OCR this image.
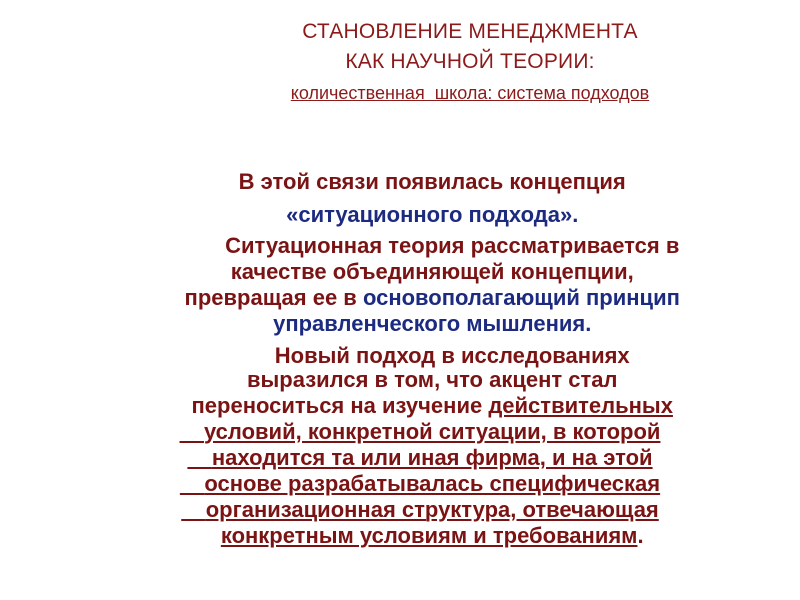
СТАНОВЛЕНИЕ МЕНЕДЖМЕНТА
КАК НАУЧНОЙ ТЕОРИИ:
количественная  школа: система подходов

В этой связи появилась концепция

«ситуационного подхода».

Ситуационная теория рассматривается в

качестве объединяющей концепции,

превращая ее в основополагающий принцип

управленческого мышления.

Новый подход в исследованиях

выразился в том, что акцент стал

переноситься на изучение действительных

условий, конкретной ситуации, в которой

находится та или иная фирма, и на этой

основе разрабатывалась специфическая

организационная структура, отвечающая

конкретным условиям и требованиям.
